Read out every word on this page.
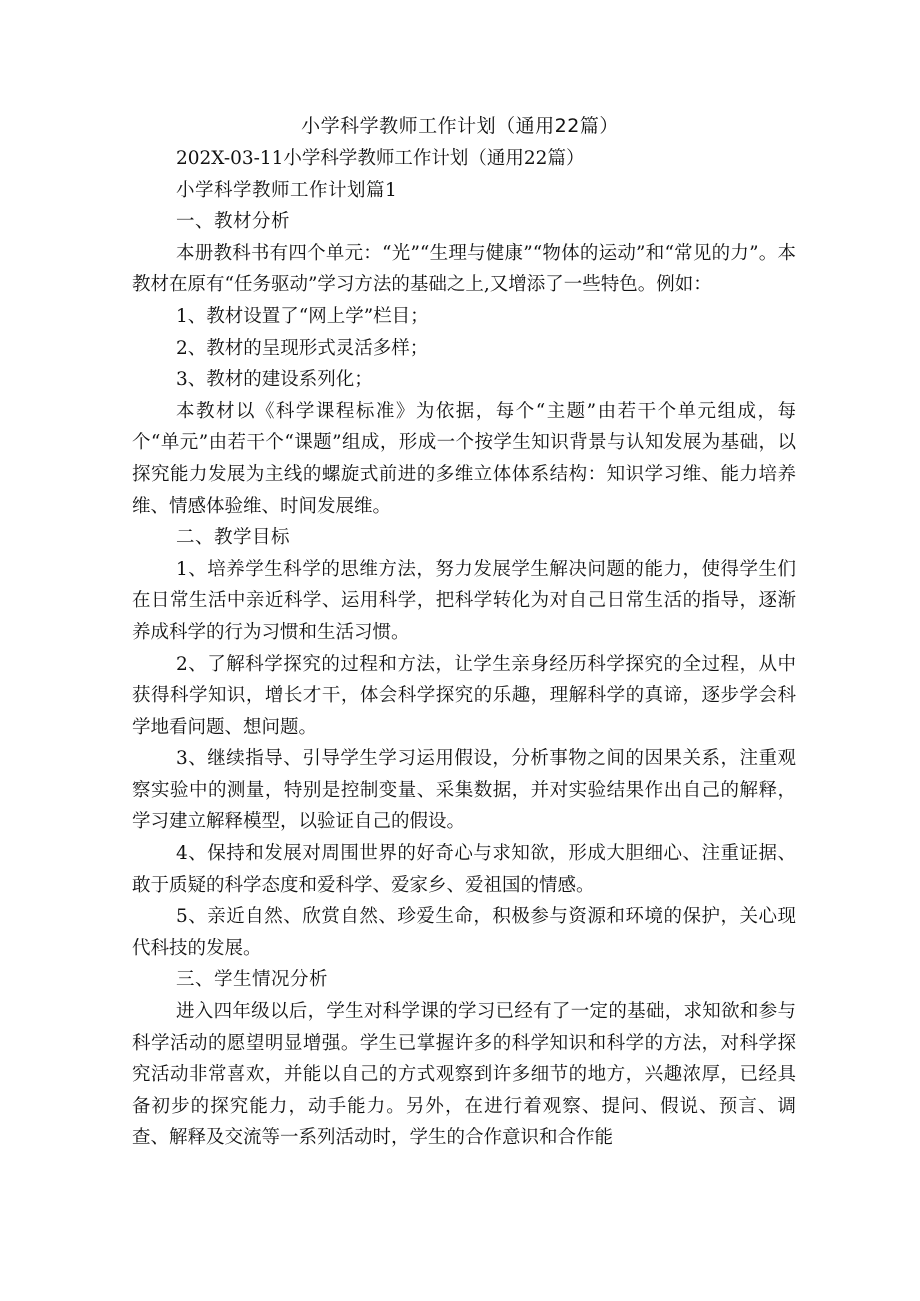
小学科学教师工作计划（通用22篇）

202X-03-11小学科学教师工作计划（通用22篇）

小学科学教师工作计划篇1

一、教材分析

本册教科书有四个单元：“光”“生理与健康”“物体的运动”和“常见的力”。本教材在原有“任务驱动”学习方法的基础之上,又增添了一些特色。例如：

1、教材设置了“网上学”栏目；

2、教材的呈现形式灵活多样；

3、教材的建设系列化；

本教材以《科学课程标准》为依据，每个“主题”由若干个单元组成，每个“单元”由若干个“课题”组成，形成一个按学生知识背景与认知发展为基础，以探究能力发展为主线的螺旋式前进的多维立体体系结构：知识学习维、能力培养维、情感体验维、时间发展维。

二、教学目标

1、培养学生科学的思维方法，努力发展学生解决问题的能力，使得学生们在日常生活中亲近科学、运用科学，把科学转化为对自己日常生活的指导，逐渐养成科学的行为习惯和生活习惯。

2、了解科学探究的过程和方法，让学生亲身经历科学探究的全过程，从中获得科学知识，增长才干，体会科学探究的乐趣，理解科学的真谛，逐步学会科学地看问题、想问题。

3、继续指导、引导学生学习运用假设，分析事物之间的因果关系，注重观察实验中的测量，特别是控制变量、采集数据，并对实验结果作出自己的解释，学习建立解释模型，以验证自己的假设。

4、保持和发展对周围世界的好奇心与求知欲，形成大胆细心、注重证据、敢于质疑的科学态度和爱科学、爱家乡、爱祖国的情感。

5、亲近自然、欣赏自然、珍爱生命，积极参与资源和环境的保护，关心现代科技的发展。

三、学生情况分析

进入四年级以后，学生对科学课的学习已经有了一定的基础，求知欲和参与科学活动的愿望明显增强。学生已掌握许多的科学知识和科学的方法，对科学探究活动非常喜欢，并能以自己的方式观察到许多细节的地方，兴趣浓厚，已经具备初步的探究能力，动手能力。另外，在进行着观察、提问、假说、预言、调查、解释及交流等一系列活动时，学生的合作意识和合作能
